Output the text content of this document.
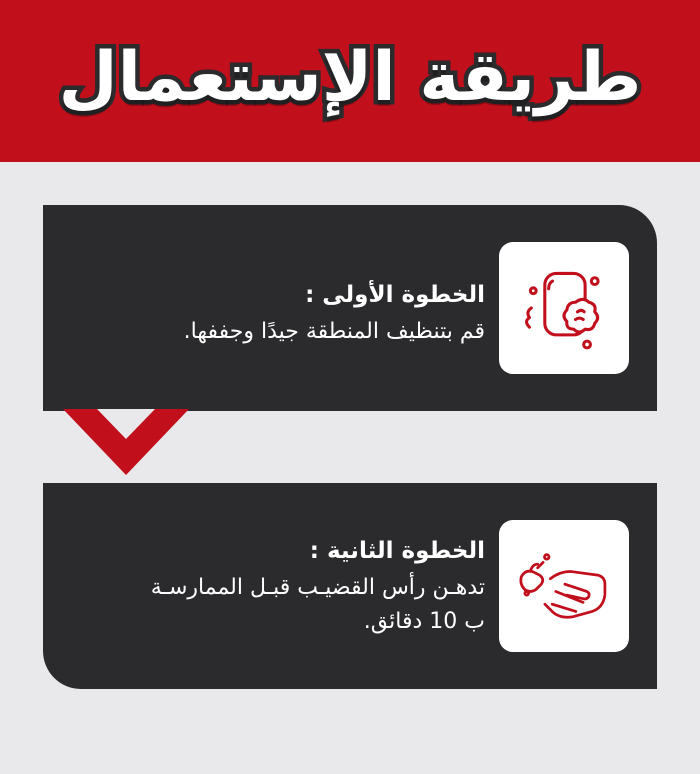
طريقة الإستعمال
الخطوة الأولى :
قم بتنظيف المنطقة جيدًا وجففها.
الخطوة الثانية :
تدهـن رأس القضيـب قبـل الممارسـة
ب 10 دقائق.
